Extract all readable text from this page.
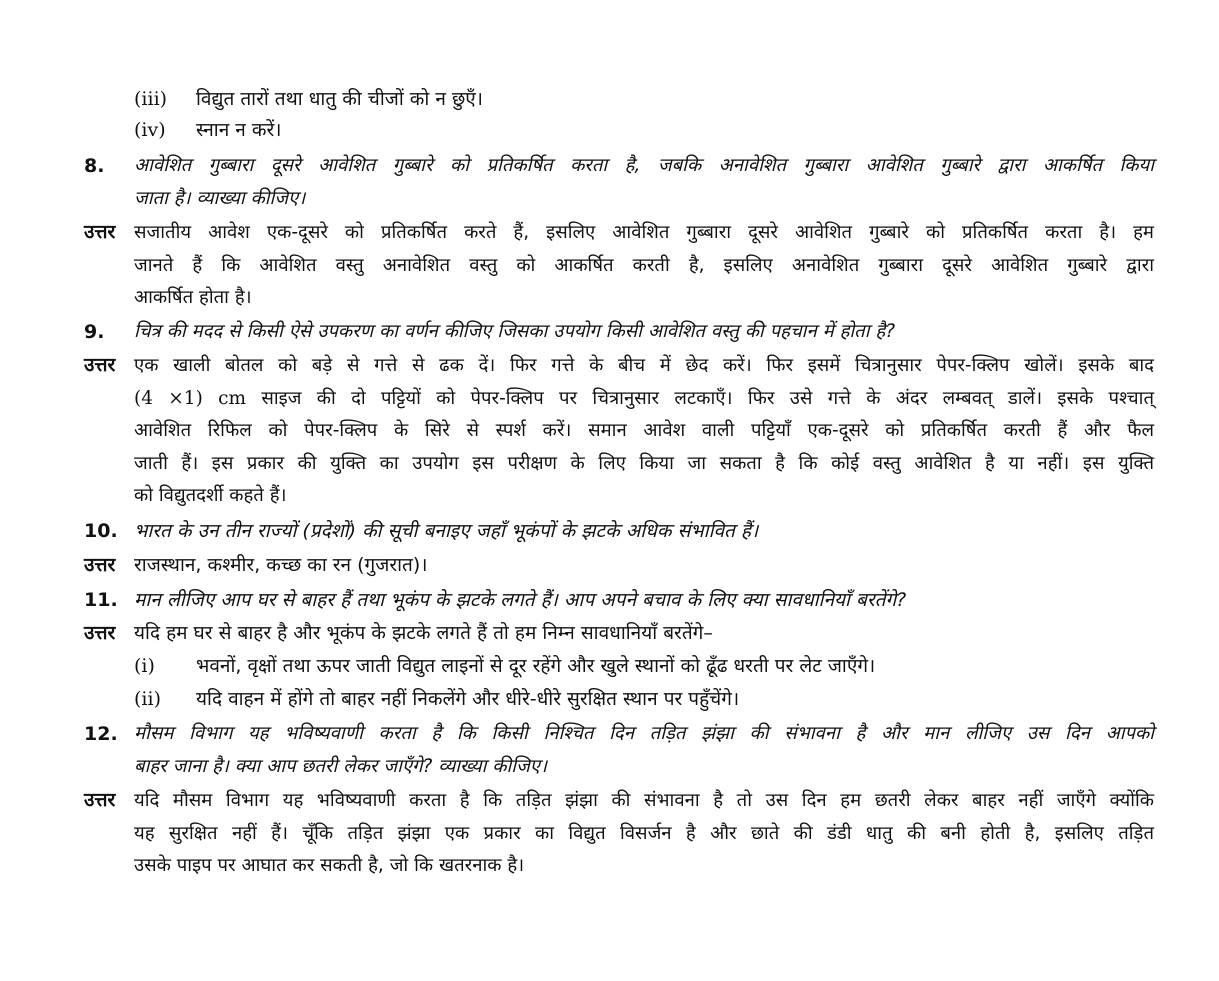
(iii) विद्युत तारों तथा धातु की चीजों को न छुएँ।
(iv) स्नान न करें।
8. आवेशित गुब्बारा दूसरे आवेशित गुब्बारे को प्रतिकर्षित करता है, जबकि अनावेशित गुब्बारा आवेशित गुब्बारे द्वारा आकर्षित किया
जाता है। व्याख्या कीजिए।
उत्तर सजातीय आवेश एक-दूसरे को प्रतिकर्षित करते हैं, इसलिए आवेशित गुब्बारा दूसरे आवेशित गुब्बारे को प्रतिकर्षित करता है। हम
जानते हैं कि आवेशित वस्तु अनावेशित वस्तु को आकर्षित करती है, इसलिए अनावेशित गुब्बारा दूसरे आवेशित गुब्बारे द्वारा
आकर्षित होता है।
9. चित्र की मदद से किसी ऐसे उपकरण का वर्णन कीजिए जिसका उपयोग किसी आवेशित वस्तु की पहचान में होता है?
उत्तर एक खाली बोतल को बड़े से गत्ते से ढक दें। फिर गत्ते के बीच में छेद करें। फिर इसमें चित्रानुसार पेपर-क्लिप खोलें। इसके बाद
(4 ×1) cm साइज की दो पट्टियों को पेपर-क्लिप पर चित्रानुसार लटकाएँ। फिर उसे गत्ते के अंदर लम्बवत् डालें। इसके पश्चात्
आवेशित रिफिल को पेपर-क्लिप के सिरे से स्पर्श करें। समान आवेश वाली पट्टियाँ एक-दूसरे को प्रतिकर्षित करती हैं और फैल
जाती हैं। इस प्रकार की युक्ति का उपयोग इस परीक्षण के लिए किया जा सकता है कि कोई वस्तु आवेशित है या नहीं। इस युक्ति
को विद्युतदर्शी कहते हैं।
10. भारत के उन तीन राज्यों (प्रदेशों) की सूची बनाइए जहाँ भूकंपों के झटके अधिक संभावित हैं।
उत्तर राजस्थान, कश्मीर, कच्छ का रन (गुजरात)।
11. मान लीजिए आप घर से बाहर हैं तथा भूकंप के झटके लगते हैं। आप अपने बचाव के लिए क्या सावधानियाँ बरतेंगे?
उत्तर यदि हम घर से बाहर है और भूकंप के झटके लगते हैं तो हम निम्न सावधानियाँ बरतेंगे–
(i) भवनों, वृक्षों तथा ऊपर जाती विद्युत लाइनों से दूर रहेंगे और खुले स्थानों को ढूँढ धरती पर लेट जाएँगे।
(ii) यदि वाहन में होंगे तो बाहर नहीं निकलेंगे और धीरे-धीरे सुरक्षित स्थान पर पहुँचेंगे।
12. मौसम विभाग यह भविष्यवाणी करता है कि किसी निश्चित दिन तड़ित झंझा की संभावना है और मान लीजिए उस दिन आपको
बाहर जाना है। क्या आप छतरी लेकर जाएँगे? व्याख्या कीजिए।
उत्तर यदि मौसम विभाग यह भविष्यवाणी करता है कि तड़ित झंझा की संभावना है तो उस दिन हम छतरी लेकर बाहर नहीं जाएँगे क्योंकि
यह सुरक्षित नहीं हैं। चूँकि तड़ित झंझा एक प्रकार का विद्युत विसर्जन है और छाते की डंडी धातु की बनी होती है, इसलिए तड़ित
उसके पाइप पर आघात कर सकती है, जो कि खतरनाक है।
